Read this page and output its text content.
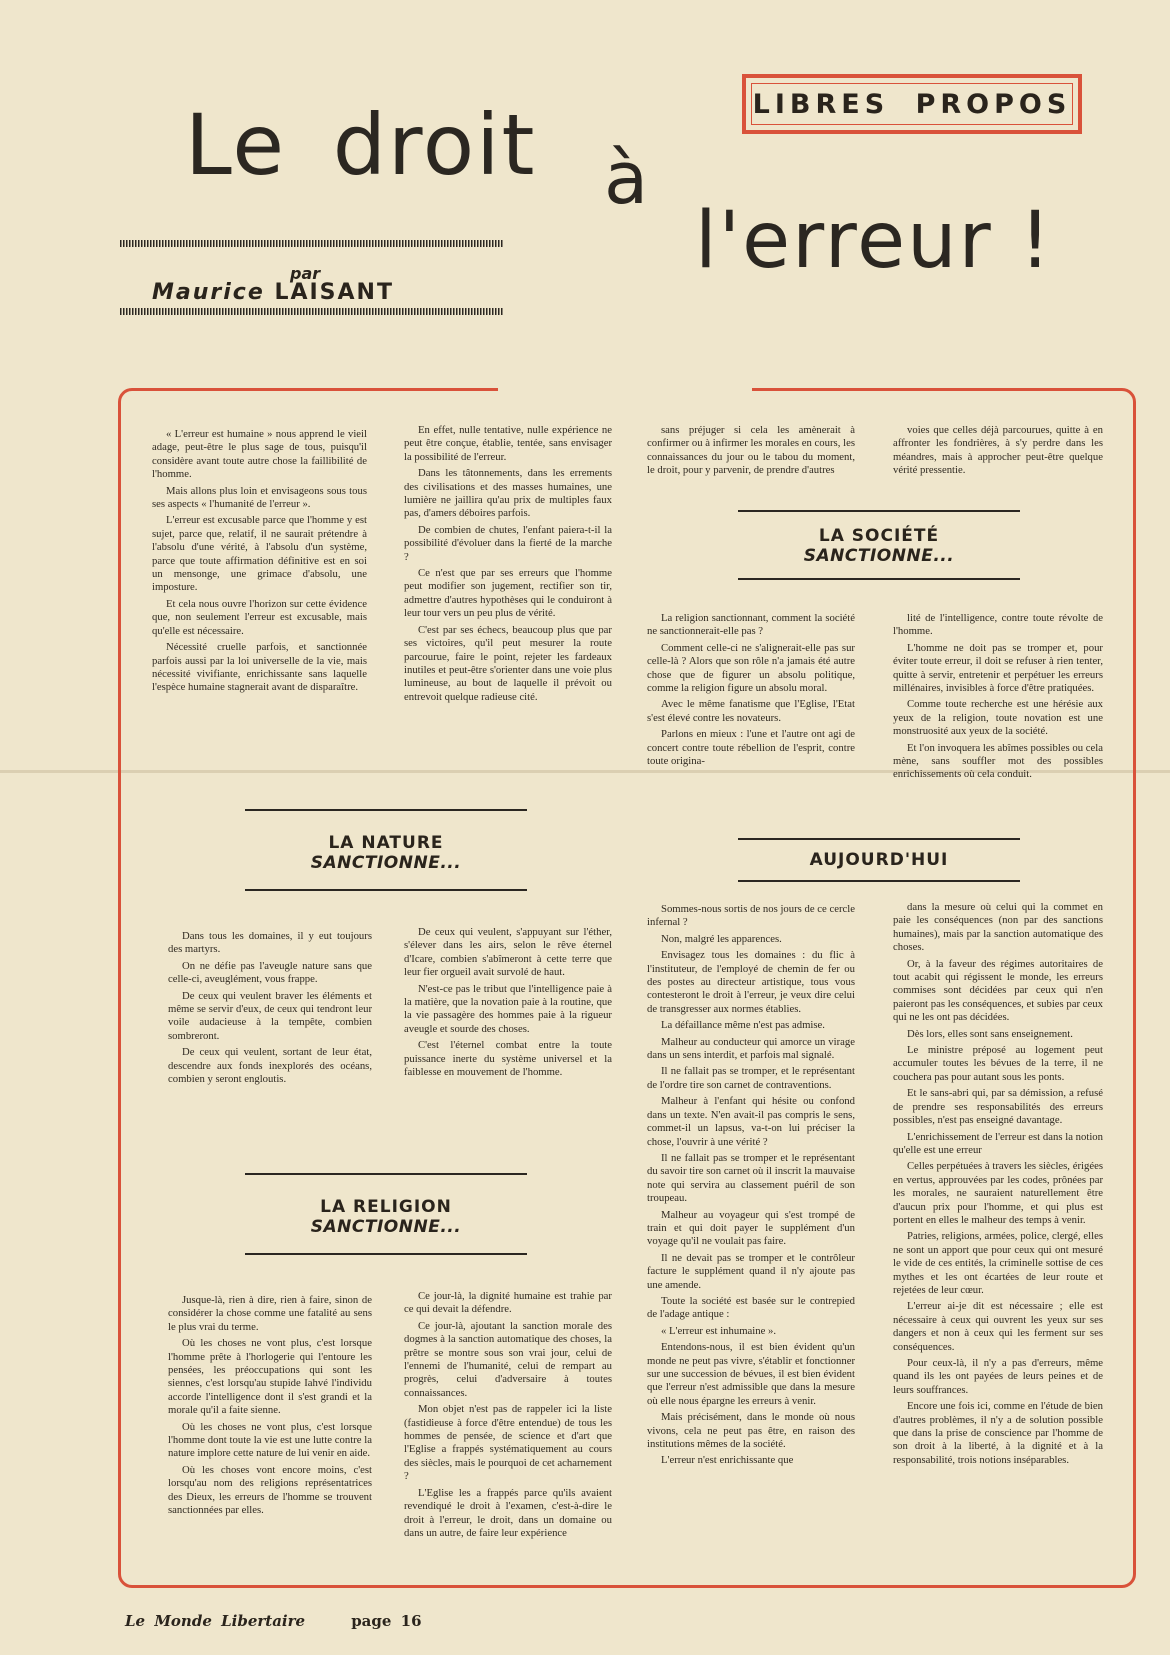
LIBRES PROPOS
Le droit à
l'erreur !
par
Maurice LAISANT

« L'erreur est humaine » nous apprend le vieil adage, peut-être le plus sage de tous, puisqu'il considère avant toute autre chose la faillibilité de l'homme.

Mais allons plus loin et envisageons sous tous ses aspects « l'humanité de l'erreur ».

L'erreur est excusable parce que l'homme y est sujet, parce que, relatif, il ne saurait prétendre à l'absolu d'une vérité, à l'absolu d'un système, parce que toute affirmation définitive est en soi un mensonge, une grimace d'absolu, une imposture.

Et cela nous ouvre l'horizon sur cette évidence que, non seulement l'erreur est excusable, mais qu'elle est nécessaire.

Nécessité cruelle parfois, et sanctionnée parfois aussi par la loi universelle de la vie, mais nécessité vivifiante, enrichissante sans laquelle l'espèce humaine stagnerait avant de disparaître.

En effet, nulle tentative, nulle expérience ne peut être conçue, établie, tentée, sans envisager la possibilité de l'erreur.

Dans les tâtonnements, dans les errements des civilisations et des masses humaines, une lumière ne jaillira qu'au prix de multiples faux pas, d'amers déboires parfois.

De combien de chutes, l'enfant paiera-t-il la possibilité d'évoluer dans la fierté de la marche ?

Ce n'est que par ses erreurs que l'homme peut modifier son jugement, rectifier son tir, admettre d'autres hypothèses qui le conduiront à leur tour vers un peu plus de vérité.

C'est par ses échecs, beaucoup plus que par ses victoires, qu'il peut mesurer la route parcourue, faire le point, rejeter les fardeaux inutiles et peut-être s'orienter dans une voie plus lumineuse, au bout de laquelle il prévoit ou entrevoit quelque radieuse cité.

sans préjuger si cela les amènerait à confirmer ou à infirmer les morales en cours, les connaissances du jour ou le tabou du moment, le droit, pour y parvenir, de prendre d'autres

voies que celles déjà parcourues, quitte à en affronter les fondrières, à s'y perdre dans les méandres, mais à approcher peut-être quelque vérité pressentie.

LA SOCIÉTÉ
SANCTIONNE...

La religion sanctionnant, comment la société ne sanctionnerait-elle pas ?

Comment celle-ci ne s'alignerait-elle pas sur celle-là ? Alors que son rôle n'a jamais été autre chose que de figurer un absolu politique, comme la religion figure un absolu moral.

Avec le même fanatisme que l'Eglise, l'Etat s'est élevé contre les novateurs.

Parlons en mieux : l'une et l'autre ont agi de concert contre toute rébellion de l'esprit, contre toute origina-

lité de l'intelligence, contre toute révolte de l'homme.

L'homme ne doit pas se tromper et, pour éviter toute erreur, il doit se refuser à rien tenter, quitte à servir, entretenir et perpétuer les erreurs millénaires, invisibles à force d'être pratiquées.

Comme toute recherche est une hérésie aux yeux de la religion, toute novation est une monstruosité aux yeux de la société.

Et l'on invoquera les abîmes possibles ou cela mène, sans souffler mot des possibles enrichissements où cela conduit.

LA NATURE
SANCTIONNE...	AUJOURD'HUI

Dans tous les domaines, il y eut toujours des martyrs.

On ne défie pas l'aveugle nature sans que celle-ci, aveuglément, vous frappe.

De ceux qui veulent braver les éléments et même se servir d'eux, de ceux qui tendront leur voile audacieuse à la tempête, combien sombreront.

De ceux qui veulent, sortant de leur état, descendre aux fonds inexplorés des océans, combien y seront engloutis.

De ceux qui veulent, s'appuyant sur l'éther, s'élever dans les airs, selon le rêve éternel d'Icare, combien s'abîmeront à cette terre que leur fier orgueil avait survolé de haut.

N'est-ce pas le tribut que l'intelligence paie à la matière, que la novation paie à la routine, que la vie passagère des hommes paie à la rigueur aveugle et sourde des choses.

C'est l'éternel combat entre la toute puissance inerte du système universel et la faiblesse en mouvement de l'homme.

Sommes-nous sortis de nos jours de ce cercle infernal ?

Non, malgré les apparences.

Envisagez tous les domaines : du flic à l'instituteur, de l'employé de chemin de fer ou des postes au directeur artistique, tous vous contesteront le droit à l'erreur, je veux dire celui de transgresser aux normes établies.

La défaillance même n'est pas admise.

Malheur au conducteur qui amorce un virage dans un sens interdit, et parfois mal signalé.

Il ne fallait pas se tromper, et le représentant de l'ordre tire son carnet de contraventions.

Malheur à l'enfant qui hésite ou confond dans un texte. N'en avait-il pas compris le sens, commet-il un lapsus, va-t-on lui préciser la chose, l'ouvrir à une vérité ?

Il ne fallait pas se tromper et le représentant du savoir tire son carnet où il inscrit la mauvaise note qui servira au classement puéril de son troupeau.

Malheur au voyageur qui s'est trompé de train et qui doit payer le supplément d'un voyage qu'il ne voulait pas faire.

Il ne devait pas se tromper et le contrôleur facture le supplément quand il n'y ajoute pas une amende.

Toute la société est basée sur le contrepied de l'adage antique :

« L'erreur est inhumaine ».

Entendons-nous, il est bien évident qu'un monde ne peut pas vivre, s'établir et fonctionner sur une succession de bévues, il est bien évident que l'erreur n'est admissible que dans la mesure où elle nous épargne les erreurs à venir.

Mais précisément, dans le monde où nous vivons, cela ne peut pas être, en raison des institutions mêmes de la société.

L'erreur n'est enrichissante que

dans la mesure où celui qui la commet en paie les conséquences (non par des sanctions humaines), mais par la sanction automatique des choses.

Or, à la faveur des régimes autoritaires de tout acabit qui régissent le monde, les erreurs commises sont décidées par ceux qui n'en paieront pas les conséquences, et subies par ceux qui ne les ont pas décidées.

Dès lors, elles sont sans enseignement.

Le ministre préposé au logement peut accumuler toutes les bévues de la terre, il ne couchera pas pour autant sous les ponts.

Et le sans-abri qui, par sa démission, a refusé de prendre ses responsabilités des erreurs possibles, n'est pas enseigné davantage.

L'enrichissement de l'erreur est dans la notion qu'elle est une erreur

Celles perpétuées à travers les siècles, érigées en vertus, approuvées par les codes, prônées par les morales, ne sauraient naturellement être d'aucun prix pour l'homme, et qui plus est portent en elles le malheur des temps à venir.

Patries, religions, armées, police, clergé, elles ne sont un apport que pour ceux qui ont mesuré le vide de ces entités, la criminelle sottise de ces mythes et les ont écartées de leur route et rejetées de leur cœur.

L'erreur ai-je dit est nécessaire ; elle est nécessaire à ceux qui ouvrent les yeux sur ses dangers et non à ceux qui les ferment sur ses conséquences.

Pour ceux-là, il n'y a pas d'erreurs, même quand ils les ont payées de leurs peines et de leurs souffrances.

Encore une fois ici, comme en l'étude de bien d'autres problèmes, il n'y a de solution possible que dans la prise de conscience par l'homme de son droit à la liberté, à la dignité et à la responsabilité, trois notions inséparables.

LA RELIGION
SANCTIONNE...

Jusque-là, rien à dire, rien à faire, sinon de considérer la chose comme une fatalité au sens le plus vrai du terme.

Où les choses ne vont plus, c'est lorsque l'homme prête à l'horlogerie qui l'entoure les pensées, les préoccupations qui sont les siennes, c'est lorsqu'au stupide Iahvé l'individu accorde l'intelligence dont il s'est grandi et la morale qu'il a faite sienne.

Où les choses ne vont plus, c'est lorsque l'homme dont toute la vie est une lutte contre la nature implore cette nature de lui venir en aide.

Où les choses vont encore moins, c'est lorsqu'au nom des religions représentatrices des Dieux, les erreurs de l'homme se trouvent sanctionnées par elles.

Ce jour-là, la dignité humaine est trahie par ce qui devait la défendre.

Ce jour-là, ajoutant la sanction morale des dogmes à la sanction automatique des choses, la prêtre se montre sous son vrai jour, celui de l'ennemi de l'humanité, celui de rempart au progrès, celui d'adversaire à toutes connaissances.

Mon objet n'est pas de rappeler ici la liste (fastidieuse à force d'être entendue) de tous les hommes de pensée, de science et d'art que l'Eglise a frappés systématiquement au cours des siècles, mais le pourquoi de cet acharnement ?

L'Eglise les a frappés parce qu'ils avaient revendiqué le droit à l'examen, c'est-à-dire le droit à l'erreur, le droit, dans un domaine ou dans un autre, de faire leur expérience

Le Monde Libertaire	page 16
